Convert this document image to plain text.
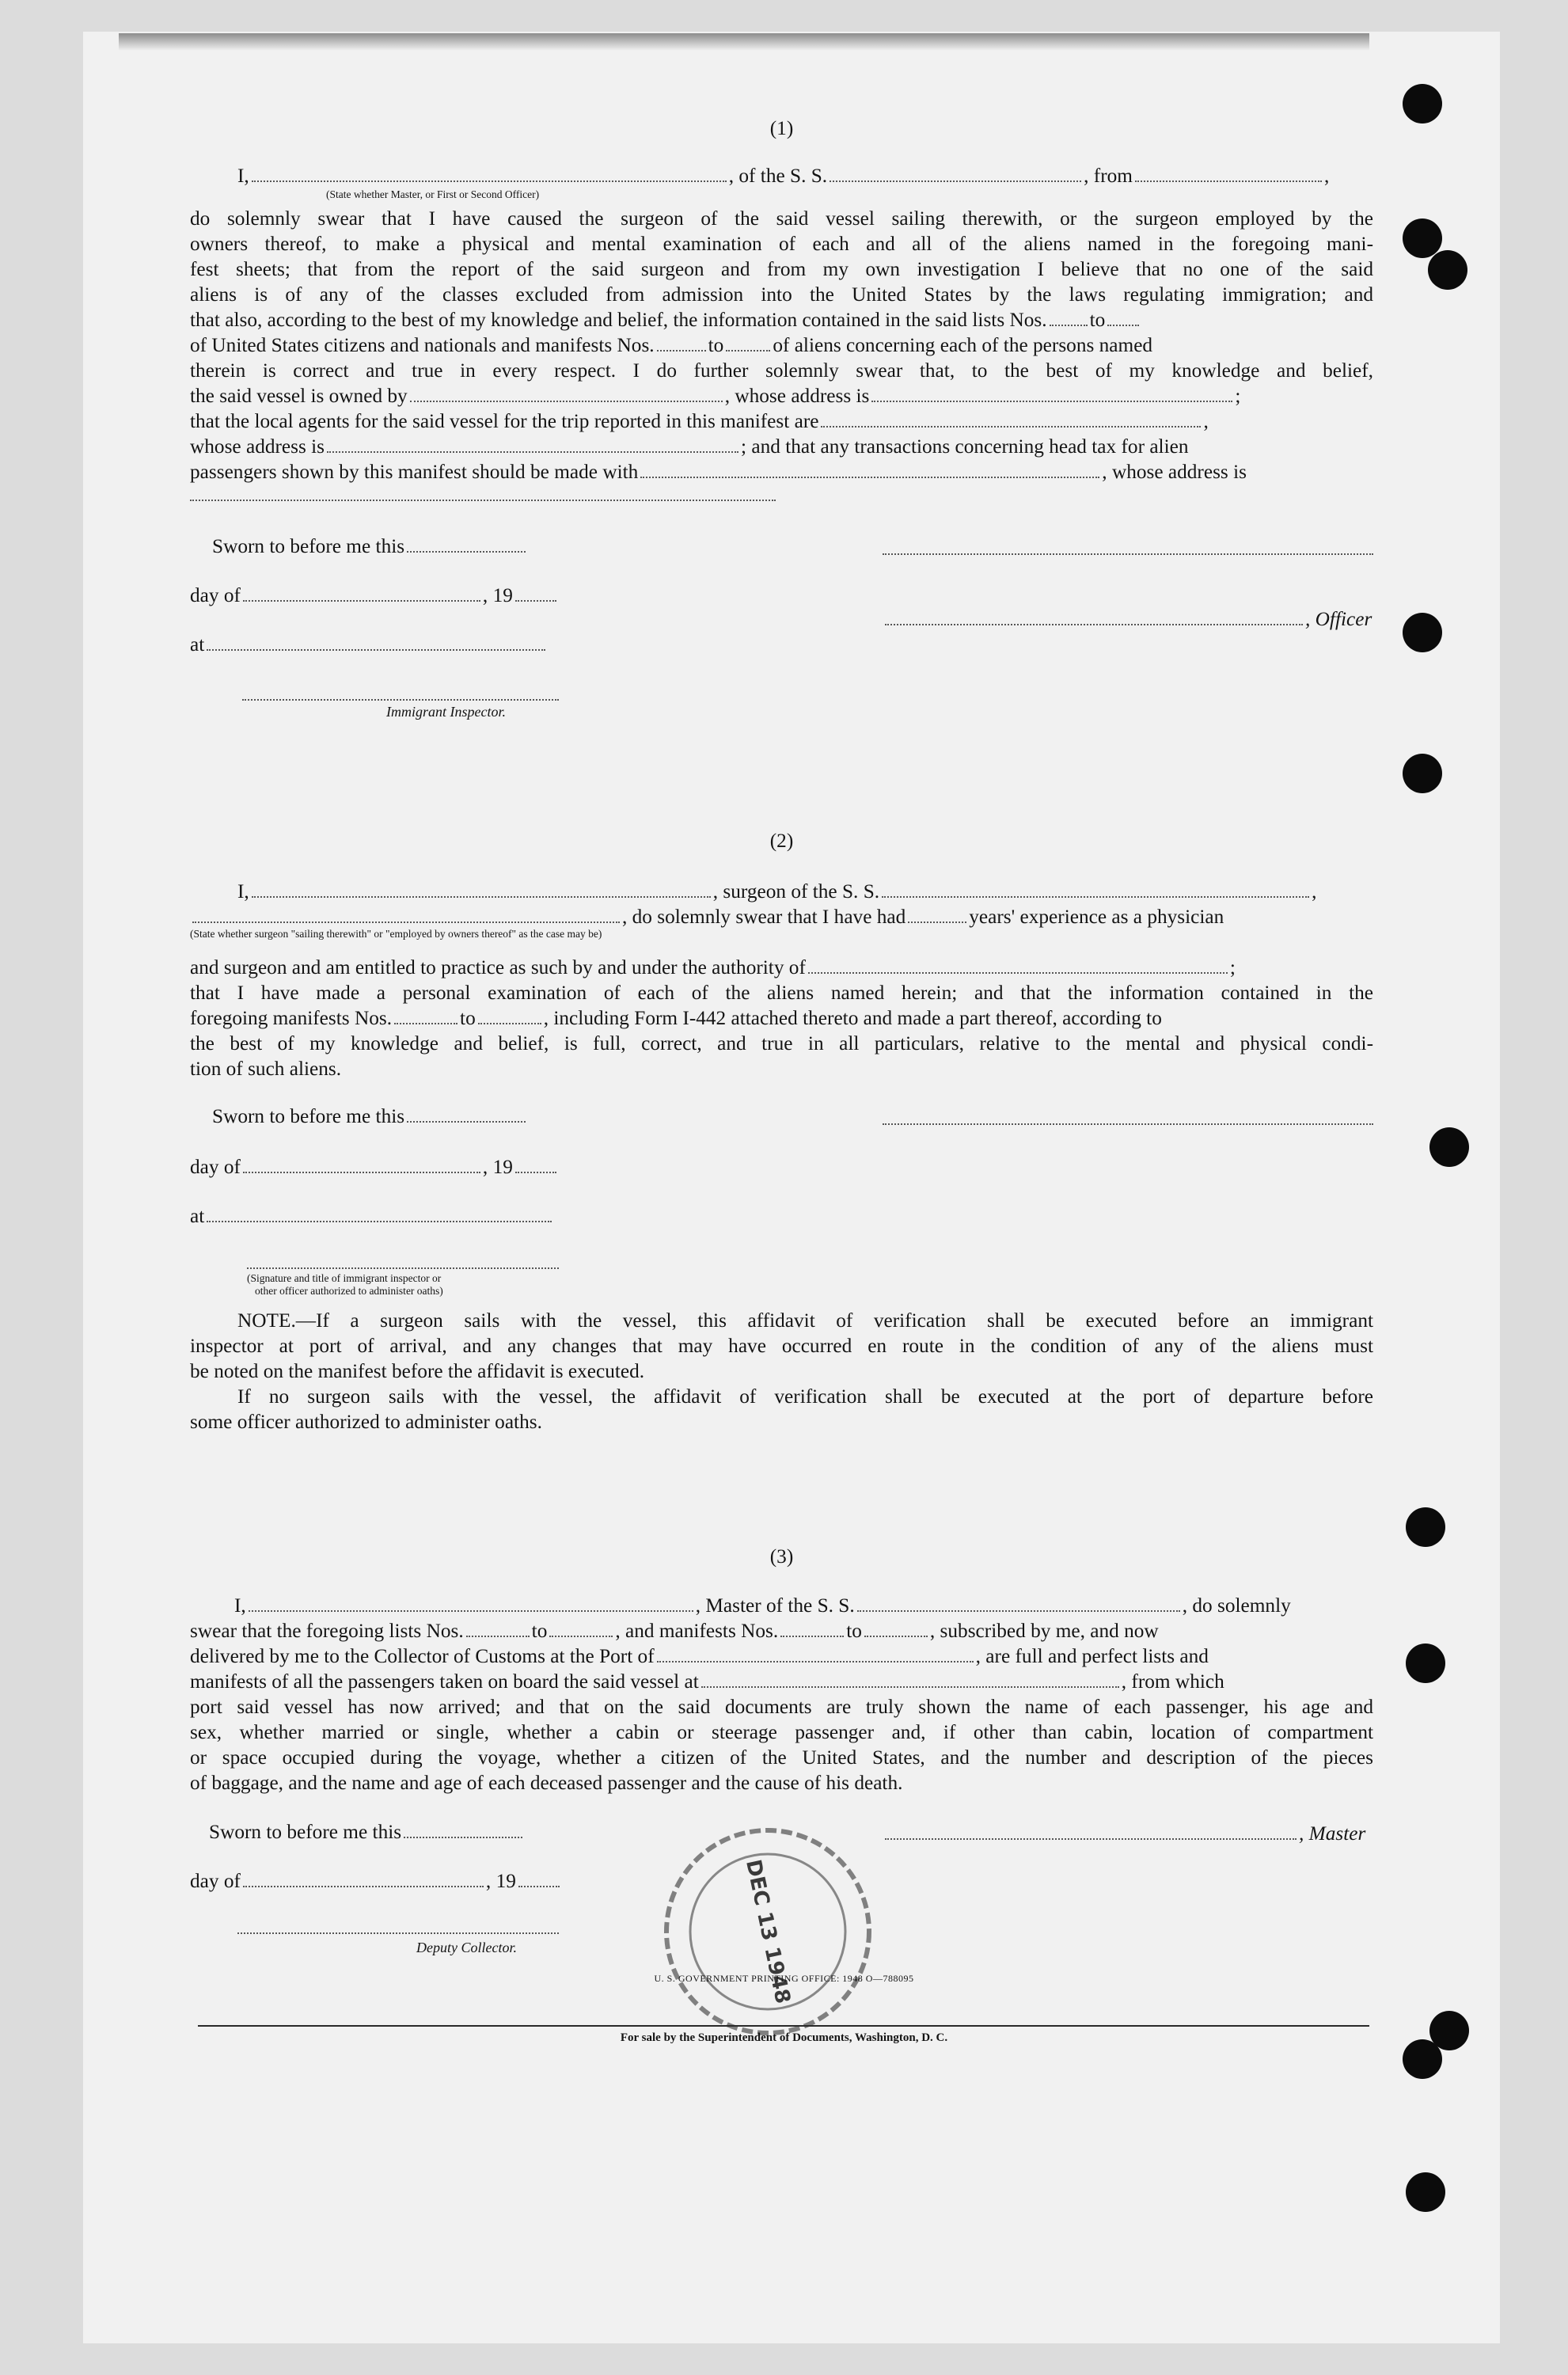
(1)
I,	, of the S. S.	, from	,
(State whether Master, or First or Second Officer)
do solemnly swear that I have caused the surgeon of the said vessel sailing therewith, or the surgeon employed by the
owners thereof, to make a physical and mental examination of each and all of the aliens named in the foregoing mani-
fest sheets; that from the report of the said surgeon and from my own investigation I believe that no one of the said
aliens is of any of the classes excluded from admission into the United States by the laws regulating immigration; and
that also, according to the best of my knowledge and belief, the information contained in the said lists Nos. to
of United States citizens and nationals and manifests Nos.	to of aliens concerning each of the persons named
therein is correct and true in every respect. I do further solemnly swear that, to the best of my knowledge and belief,
the said vessel is owned by	, whose address is	;
that the local agents for the said vessel for the trip reported in this manifest are	,
whose address is	; and that any transactions concerning head tax for alien
passengers shown by this manifest should be made with	, whose address is
Sworn to before me this
day of	, 19
, Officer
at
Immigrant Inspector.
(2)
I,	, surgeon of the S. S.	,
, do solemnly swear that I have had	years' experience as a physician
(State whether surgeon "sailing therewith" or "employed by owners thereof" as the case may be)
and surgeon and am entitled to practice as such by and under the authority of	;
that I have made a personal examination of each of the aliens named herein; and that the information contained in the
foregoing manifests Nos.	to	, including Form I-442 attached thereto and made a part thereof, according to
the best of my knowledge and belief, is full, correct, and true in all particulars, relative to the mental and physical condi-
tion of such aliens.
Sworn to before me this
day of	, 19
at
(Signature and title of immigrant inspector or
other officer authorized to administer oaths)
NOTE.—If a surgeon sails with the vessel, this affidavit of verification shall be executed before an immigrant
inspector at port of arrival, and any changes that may have occurred en route in the condition of any of the aliens must
be noted on the manifest before the affidavit is executed.
If no surgeon sails with the vessel, the affidavit of verification shall be executed at the port of departure before
some officer authorized to administer oaths.
(3)
I,	, Master of the S. S.	, do solemnly
swear that the foregoing lists Nos.	to	, and manifests Nos.	to	, subscribed by me, and now
delivered by me to the Collector of Customs at the Port of	, are full and perfect lists and
manifests of all the passengers taken on board the said vessel at	, from which
port said vessel has now arrived; and that on the said documents are truly shown the name of each passenger, his age and
sex, whether married or single, whether a cabin or steerage passenger and, if other than cabin, location of compartment
or space occupied during the voyage, whether a citizen of the United States, and the number and description of the pieces
of baggage, and the name and age of each deceased passenger and the cause of his death.
Sworn to before me this	, Master
day of	, 19
Deputy Collector.	DEC 13 1948
U. S. GOVERNMENT PRINTING OFFICE: 1948 O—788095
For sale by the Superintendent of Documents, Washington, D. C.
